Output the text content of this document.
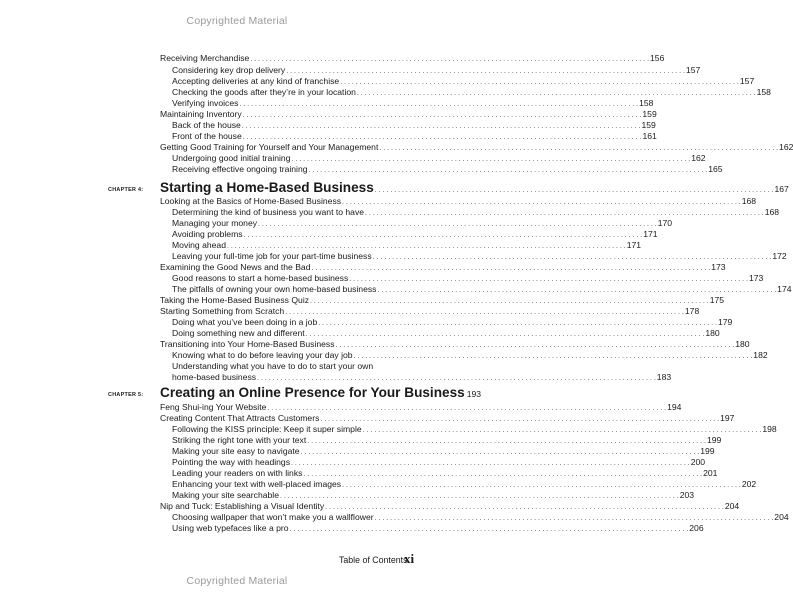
Copyrighted Material
Receiving Merchandise . . .	156
Considering key drop delivery . . .	157
Accepting deliveries at any kind of franchise . . .	157
Checking the goods after they’re in your location . . .	158
Verifying invoices . . .	158
Maintaining Inventory . . .	159
Back of the house . . .	159
Front of the house . . .	161
Getting Good Training for Yourself and Your Management . . .	162
Undergoing good initial training . . .	162
Receiving effective ongoing training . . .	165
CHAPTER 4: Starting a Home-Based Business . . .	167
Looking at the Basics of Home-Based Business . . .	168
Determining the kind of business you want to have . . .	168
Managing your money . . .	170
Avoiding problems . . .	171
Moving ahead . . .	171
Leaving your full-time job for your part-time business . . .	172
Examining the Good News and the Bad . . .	173
Good reasons to start a home-based business . . .	173
The pitfalls of owning your own home-based business . . .	174
Taking the Home-Based Business Quiz . . .	175
Starting Something from Scratch . . .	178
Doing what you’ve been doing in a job . . .	179
Doing something new and different . . .	180
Transitioning into Your Home-Based Business . . .	180
Knowing what to do before leaving your day job . . .	182
Understanding what you have to do to start your own
home-based business . . .	183
CHAPTER 5: Creating an Online Presence for Your Business 193
Feng Shui-ing Your Website . . .	194
Creating Content That Attracts Customers . . .	197
Following the KISS principle: Keep it super simple . . .	198
Striking the right tone with your text . . .	199
Making your site easy to navigate . . .	199
Pointing the way with headings . . .	200
Leading your readers on with links . . .	201
Enhancing your text with well-placed images . . .	202
Making your site searchable . . .	203
Nip and Tuck: Establishing a Visual Identity . . .	204
Choosing wallpaper that won’t make you a wallflower . . .	204
Using web typefaces like a pro . . .	206
Table of Contents
xi
Copyrighted Material
